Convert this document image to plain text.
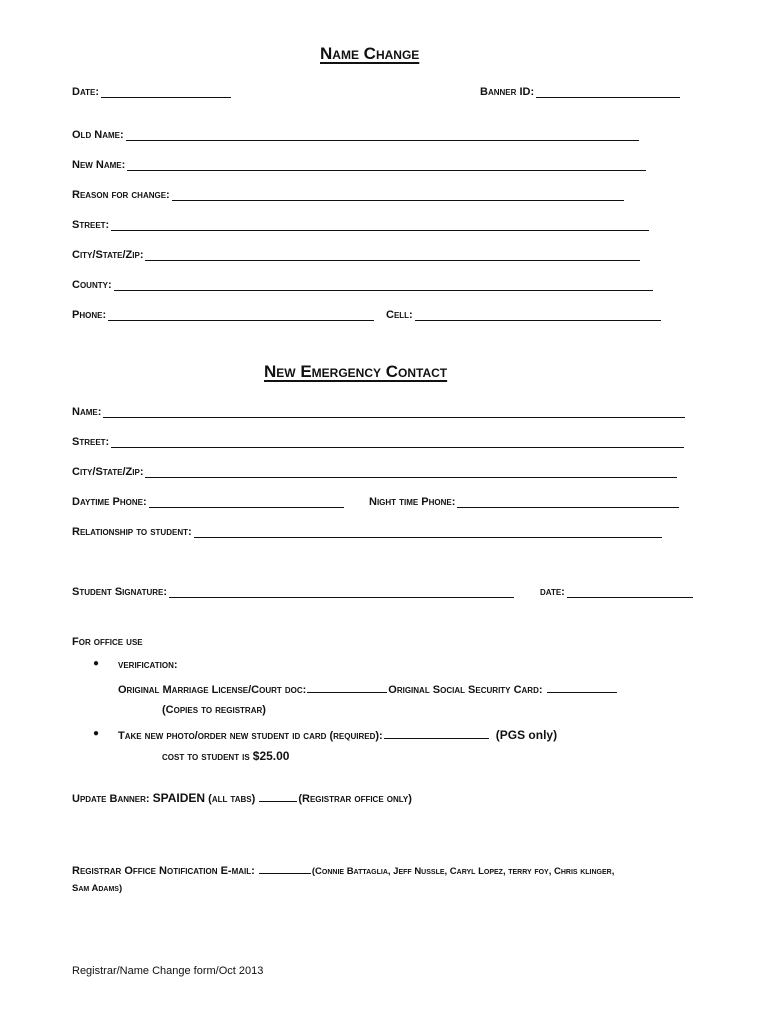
Name Change
Date:	Banner ID:
Old Name:
New Name:
Reason for change:
Street:
City/State/Zip:
County:
Phone:	Cell:
New Emergency Contact
Name:
Street:
City/State/Zip:
Daytime Phone:	Night time Phone:
Relationship to student:
Student Signature:	date:
For office use
● verification:
Original Marriage License/Court doc:	Original Social Security Card:
(Copies to registrar)
● Take new photo/order new student id card (required):	(PGS only)
cost to student is $25.00
Update Banner: SPAIDEN (all tabs)	(Registrar office only)
Registrar Office Notification E-mail:	(Connie Battaglia, Jeff Nussle, Caryl Lopez, terry foy, Chris klinger,
Sam Adams)
Registrar/Name Change form/Oct 2013
